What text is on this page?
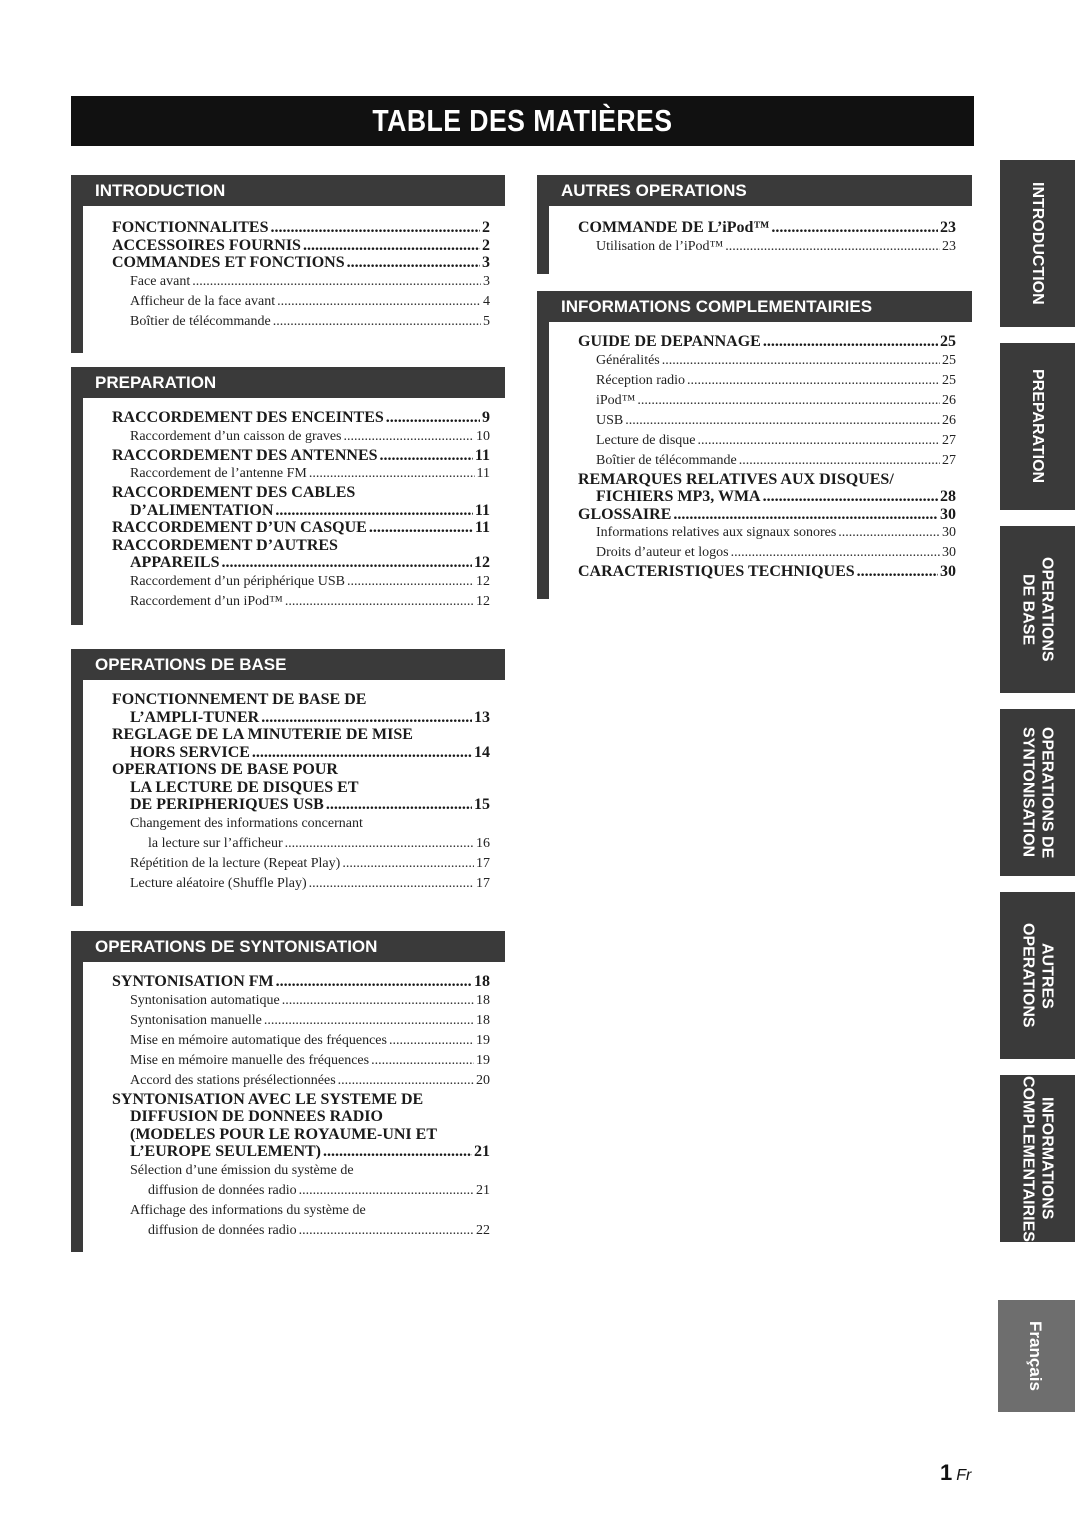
TABLE DES MATIÈRES
INTRODUCTION
FONCTIONNALITES .....	2
ACCESSOIRES FOURNIS .....	2
COMMANDES ET FONCTIONS .....	3
Face avant .....	3
Afficheur de la face avant .....	4
Boîtier de télécommande .....	5
PREPARATION
RACCORDEMENT DES ENCEINTES .....	9
Raccordement d’un caisson de graves .....	10
RACCORDEMENT DES ANTENNES .....	11
Raccordement de l’antenne FM .....	11
RACCORDEMENT DES CABLES
D’ALIMENTATION .....	11
RACCORDEMENT D’UN CASQUE .....	11
RACCORDEMENT D’AUTRES
APPAREILS .....	12
Raccordement d’un périphérique USB .....	12
Raccordement d’un iPod™ .....	12
OPERATIONS DE BASE
FONCTIONNEMENT DE BASE DE
L’AMPLI-TUNER .....	13
REGLAGE DE LA MINUTERIE DE MISE
HORS SERVICE .....	14
OPERATIONS DE BASE POUR
LA LECTURE DE DISQUES ET
DE PERIPHERIQUES USB .....	15
Changement des informations concernant
la lecture sur l’afficheur .....	16
Répétition de la lecture (Repeat Play) .....	17
Lecture aléatoire (Shuffle Play) .....	17
OPERATIONS DE SYNTONISATION
SYNTONISATION FM .....	18
Syntonisation automatique .....	18
Syntonisation manuelle .....	18
Mise en mémoire automatique des fréquences .....	19
Mise en mémoire manuelle des fréquences .....	19
Accord des stations présélectionnées .....	20
SYNTONISATION AVEC LE SYSTEME DE
DIFFUSION DE DONNEES RADIO
(MODELES POUR LE ROYAUME-UNI ET
L’EUROPE SEULEMENT) .....	21
Sélection d’une émission du système de
diffusion de données radio .....	21
Affichage des informations du système de
diffusion de données radio .....	22
AUTRES OPERATIONS
COMMANDE DE L’iPod™ .....	23
Utilisation de l’iPod™ .....	23
INFORMATIONS COMPLEMENTAIRIES
GUIDE DE DEPANNAGE .....	25
Généralités .....	25
Réception radio .....	25
iPod™ .....	26
USB .....	26
Lecture de disque .....	27
Boîtier de télécommande .....	27
REMARQUES RELATIVES AUX DISQUES/
FICHIERS MP3, WMA .....	28
GLOSSAIRE .....	30
Informations relatives aux signaux sonores .....	30
Droits d’auteur et logos .....	30
CARACTERISTIQUES TECHNIQUES .....	30
INTRODUCTION
PREPARATION
OPERATIONS
DE BASE
OPERATIONS DE
SYNTONISATION
AUTRES
OPERATIONS
INFORMATIONS
COMPLEMENTAIRIES
Français
1 Fr
